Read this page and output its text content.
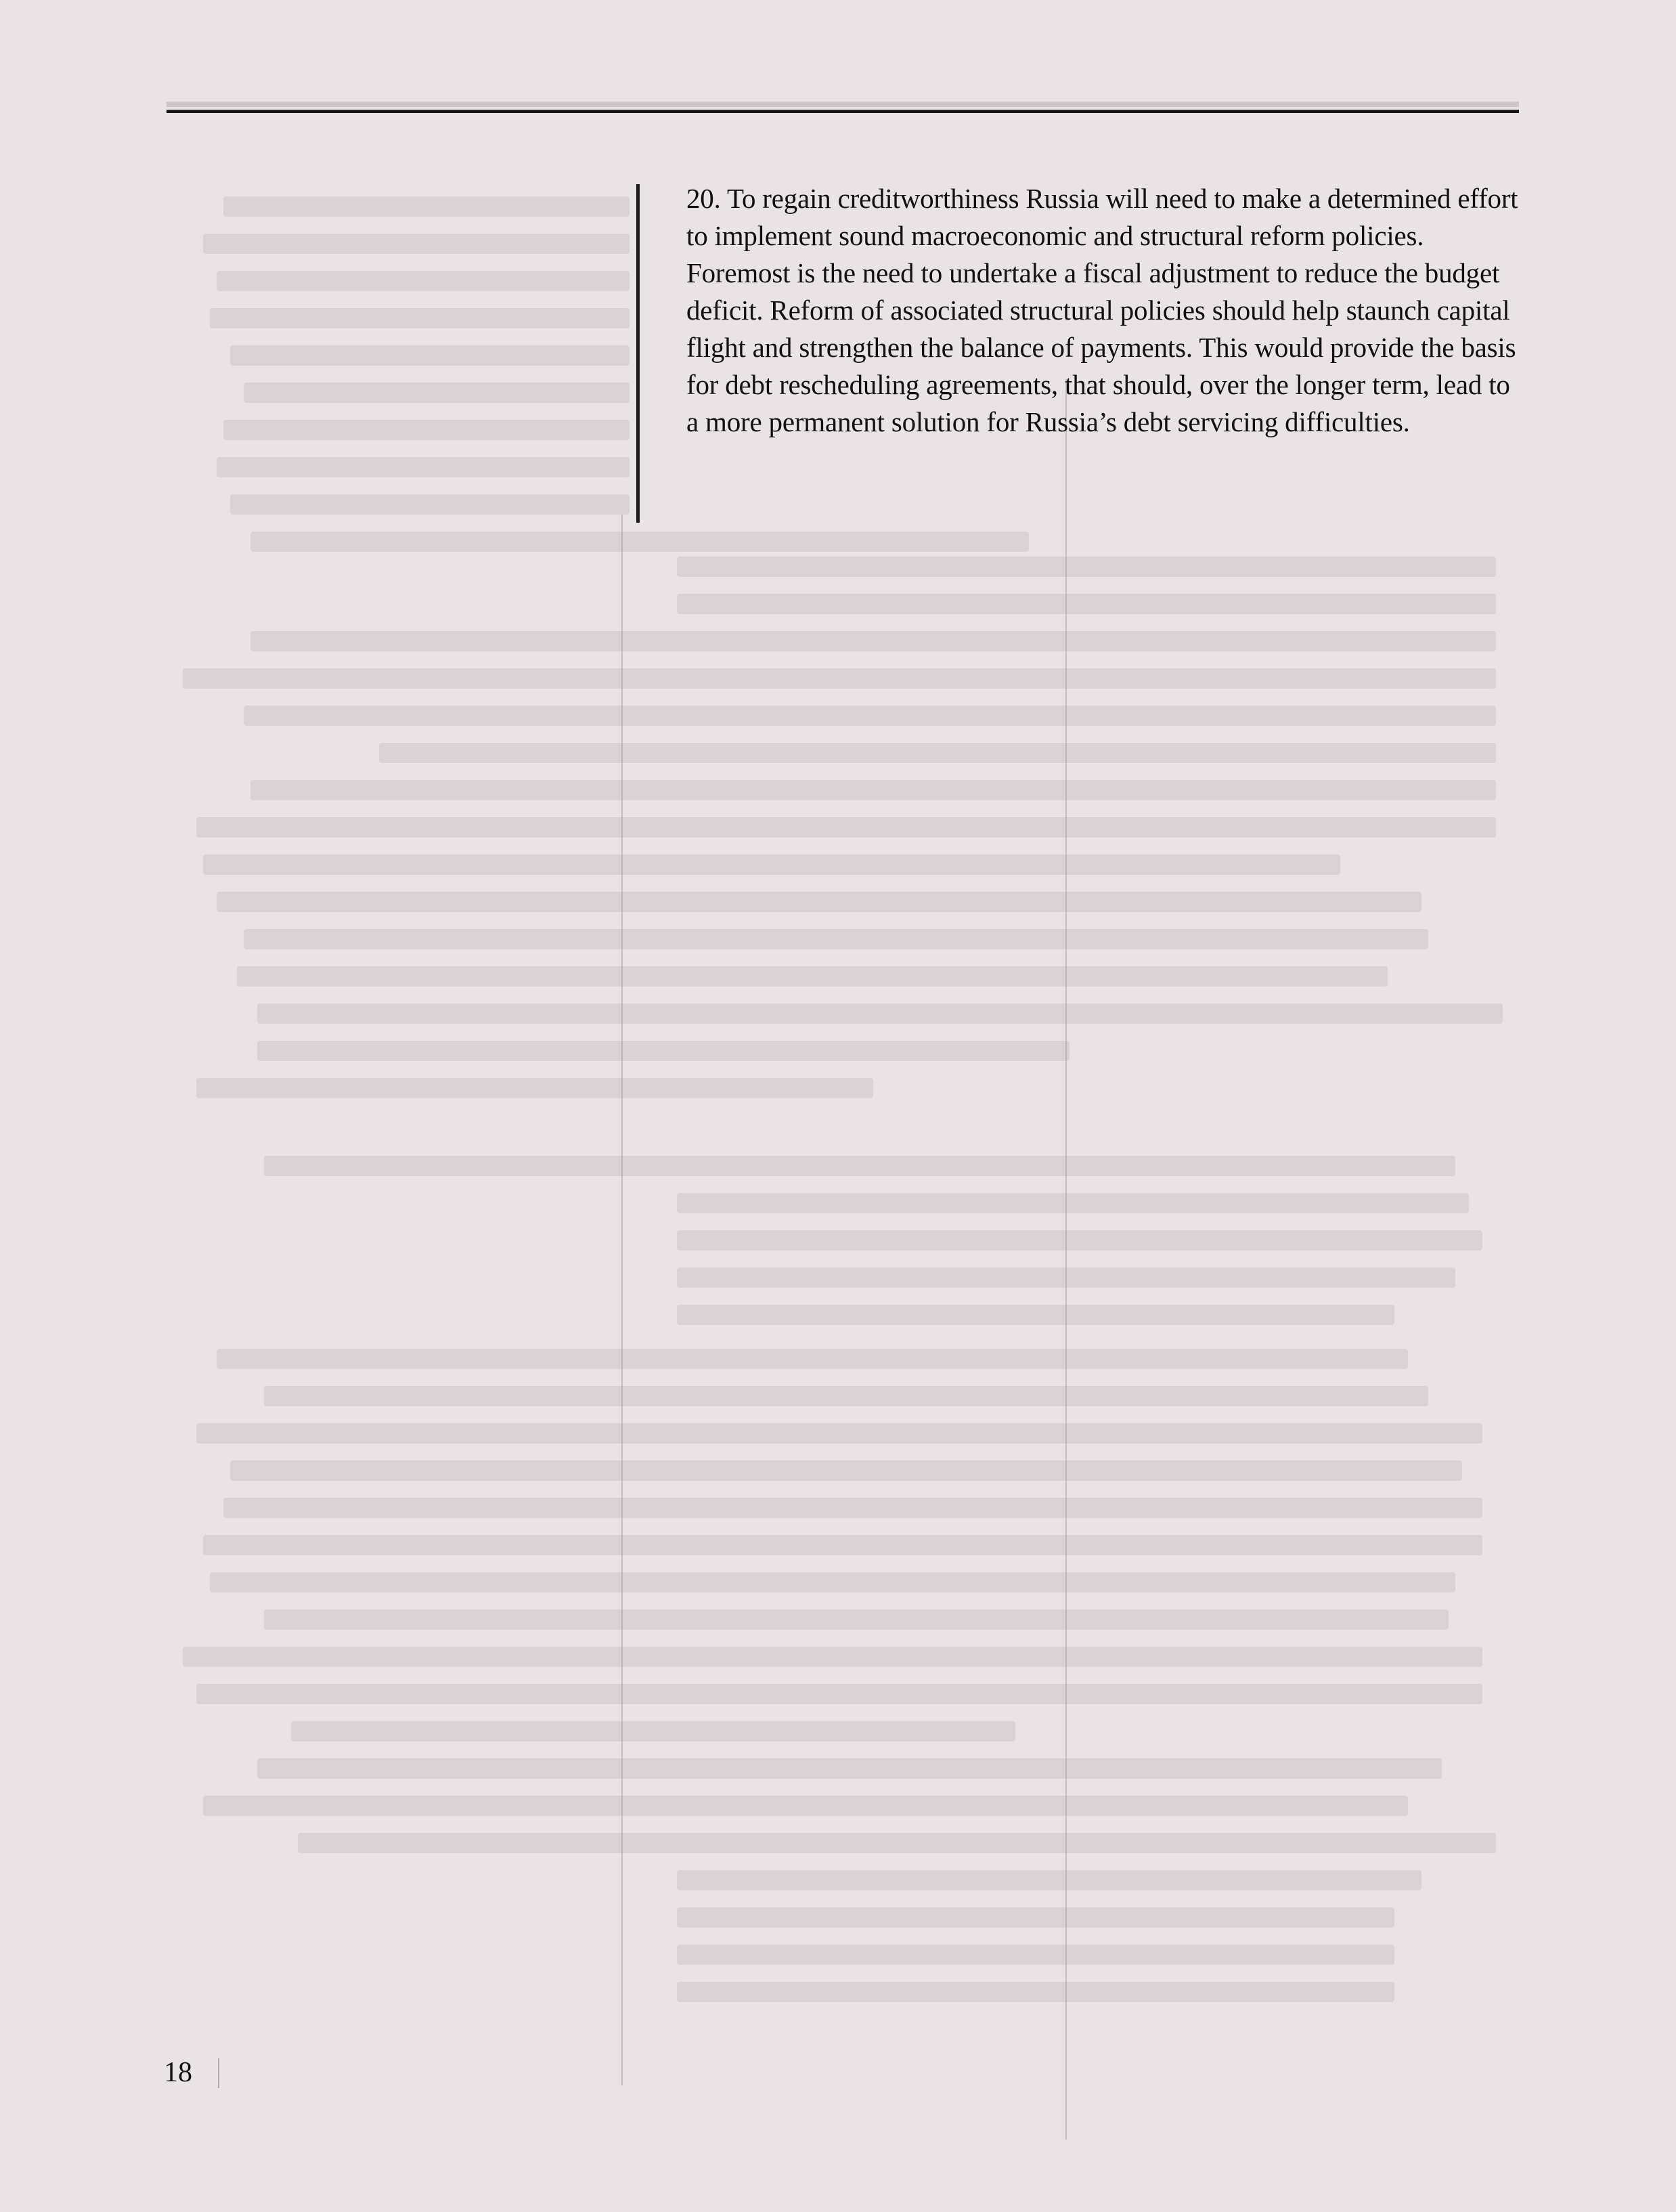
20. To regain creditworthiness Russia will need to make a determined effort to implement sound macroeconomic and structural reform policies. Foremost is the need to undertake a fiscal adjustment to reduce the budget deficit. Reform of associated structural policies should help staunch capital flight and strengthen the balance of payments. This would provide the basis for debt rescheduling agreements, that should, over the longer term, lead to a more permanent solution for Russia’s debt servicing difficulties.

18
